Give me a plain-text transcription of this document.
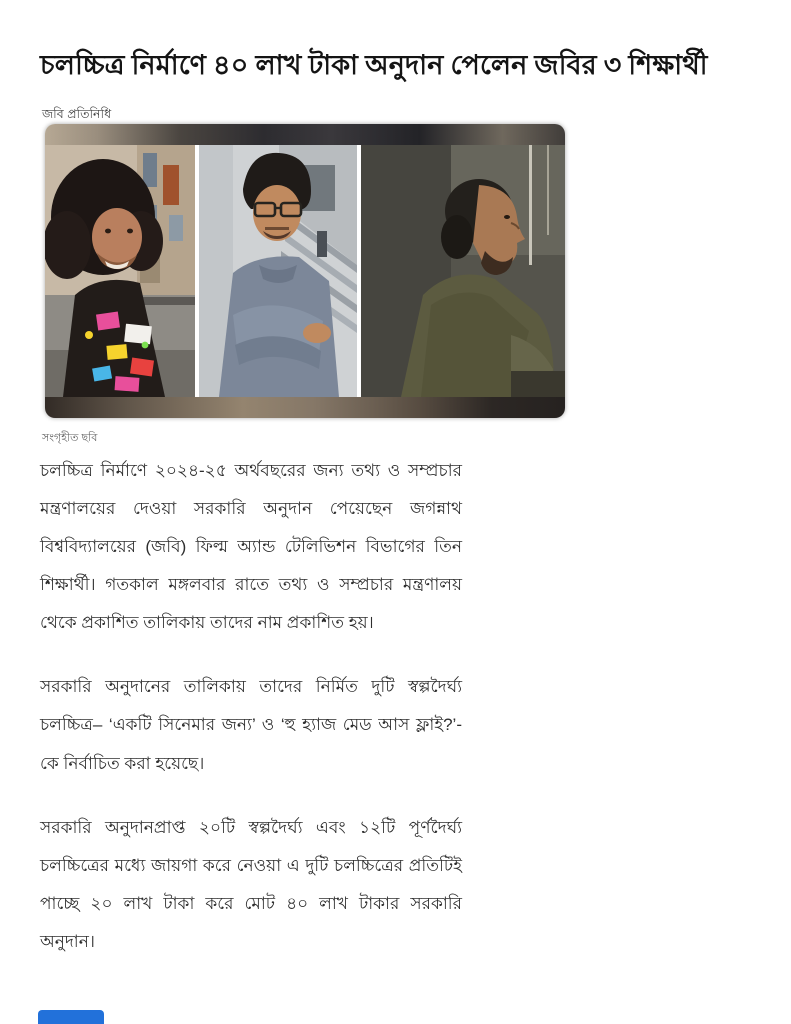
চলচ্চিত্র নির্মাণে ৪০ লাখ টাকা অনুদান পেলেন জবির ৩ শিক্ষার্থী
জবি প্রতিনিধি
সংগৃহীত ছবি

চলচ্চিত্র নির্মাণে ২০২৪-২৫ অর্থবছরের জন্য তথ্য ও সম্প্রচার মন্ত্রণালয়ের দেওয়া সরকারি অনুদান পেয়েছেন জগন্নাথ বিশ্ববিদ্যালয়ের (জবি) ফিল্ম অ্যান্ড টেলিভিশন বিভাগের তিন শিক্ষার্থী। গতকাল মঙ্গলবার রাতে তথ্য ও সম্প্রচার মন্ত্রণালয় থেকে প্রকাশিত তালিকায় তাদের নাম প্রকাশিত হয়।

সরকারি অনুদানের তালিকায় তাদের নির্মিত দুটি স্বল্পদৈর্ঘ্য চলচ্চিত্র– ‘একটি সিনেমার জন্য’ ও ‘হু হ্যাজ মেড আস ফ্লাই?’-কে নির্বাচিত করা হয়েছে।

সরকারি অনুদানপ্রাপ্ত ২০টি স্বল্পদৈর্ঘ্য এবং ১২টি পূর্ণদৈর্ঘ্য চলচ্চিত্রের মধ্যে জায়গা করে নেওয়া এ দুটি চলচ্চিত্রের প্রতিটিই পাচ্ছে ২০ লাখ টাকা করে মোট ৪০ লাখ টাকার সরকারি অনুদান।
